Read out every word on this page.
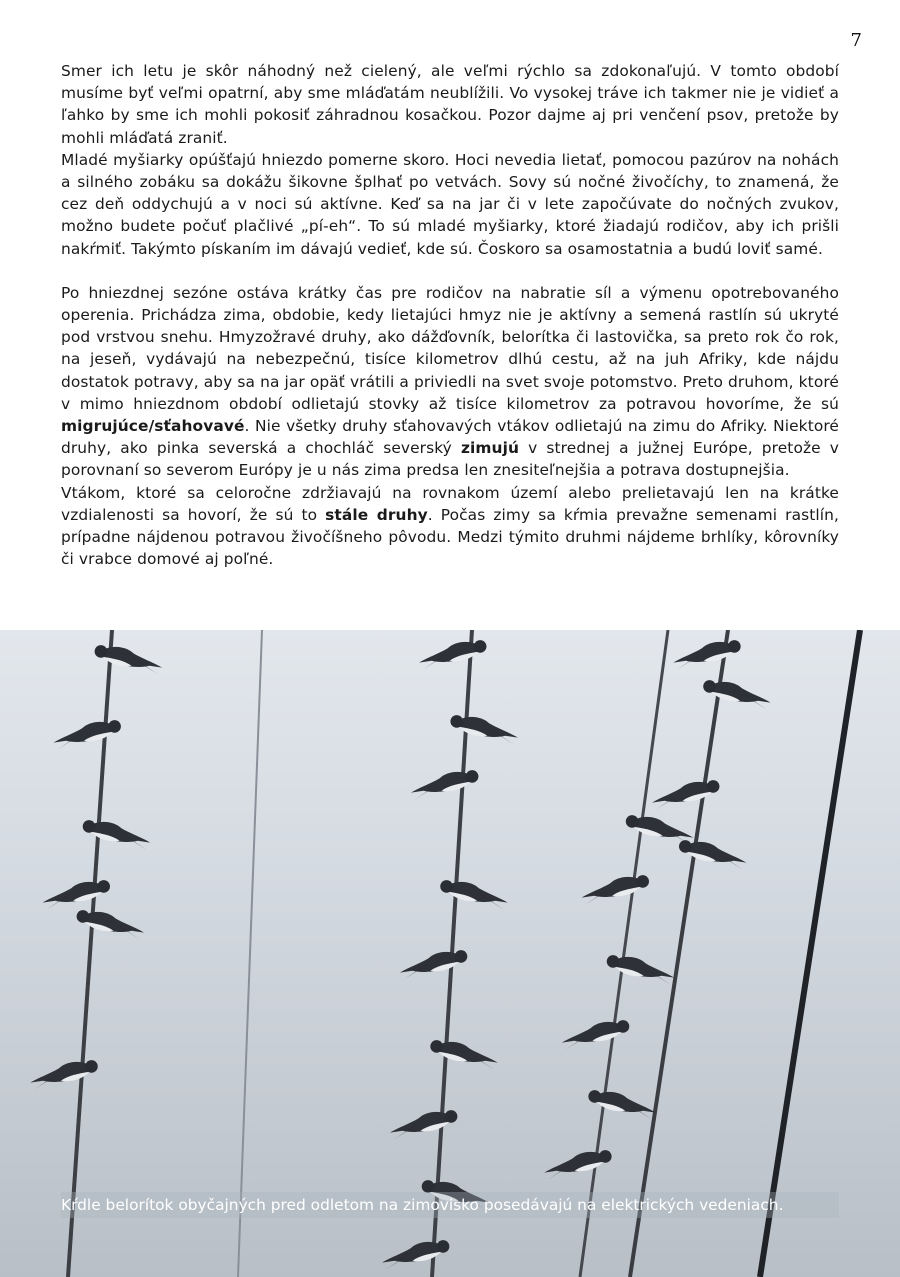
7

Smer ich letu je skôr náhodný než cielený, ale veľmi rýchlo sa zdokonaľujú. V tomto období musíme byť veľmi opatrní, aby sme mláďatám neublížili. Vo vysokej tráve ich takmer nie je vidieť a ľahko by sme ich mohli pokosiť záhradnou kosačkou. Pozor dajme aj pri venčení psov, pretože by mohli mláďatá zraniť.

Mladé myšiarky opúšťajú hniezdo pomerne skoro. Hoci nevedia lietať, pomocou pazúrov na nohách a silného zobáku sa dokážu šikovne šplhať po vetvách. Sovy sú nočné živočíchy, to znamená, že cez deň oddychujú a v noci sú aktívne. Keď sa na jar či v lete započúvate do nočných zvukov, možno budete počuť plačlivé „pí-eh“. To sú mladé myšiarky, ktoré žiadajú rodičov, aby ich prišli nakŕmiť. Takýmto pískaním im dávajú vedieť, kde sú. Čoskoro sa osamostatnia a budú loviť samé.

Po hniezdnej sezóne ostáva krátky čas pre rodičov na nabratie síl a výmenu opotrebovaného operenia. Prichádza zima, obdobie, kedy lietajúci hmyz nie je aktívny a semená rastlín sú ukryté pod vrstvou snehu. Hmyzožravé druhy, ako dážďovník, belorítka či lastovička, sa preto rok čo rok, na jeseň, vydávajú na nebezpečnú, tisíce kilometrov dlhú cestu, až na juh Afriky, kde nájdu dostatok potravy, aby sa na jar opäť vrátili a priviedli na svet svoje potomstvo. Preto druhom, ktoré v mimo hniezdnom období odlietajú stovky až tisíce kilometrov za potravou hovoríme, že sú migrujúce/sťahovavé. Nie všetky druhy sťahovavých vtákov odlietajú na zimu do Afriky. Niektoré druhy, ako pinka severská a chochláč severský zimujú v strednej a južnej Európe, pretože v porovnaní so severom Európy je u nás zima predsa len znesiteľnejšia a potrava dostupnejšia.

Vtákom, ktoré sa celoročne zdržiavajú na rovnakom území alebo prelietavajú len na krátke vzdialenosti sa hovorí, že sú to stále druhy. Počas zimy sa kŕmia prevažne semenami rastlín, prípadne nájdenou potravou živočíšneho pôvodu. Medzi týmito druhmi nájdeme brhlíky, kôrovníky či vrabce domové aj poľné.

Kŕdle belorítok obyčajných pred odletom na zimovisko posedávajú na elektrických vedeniach.
